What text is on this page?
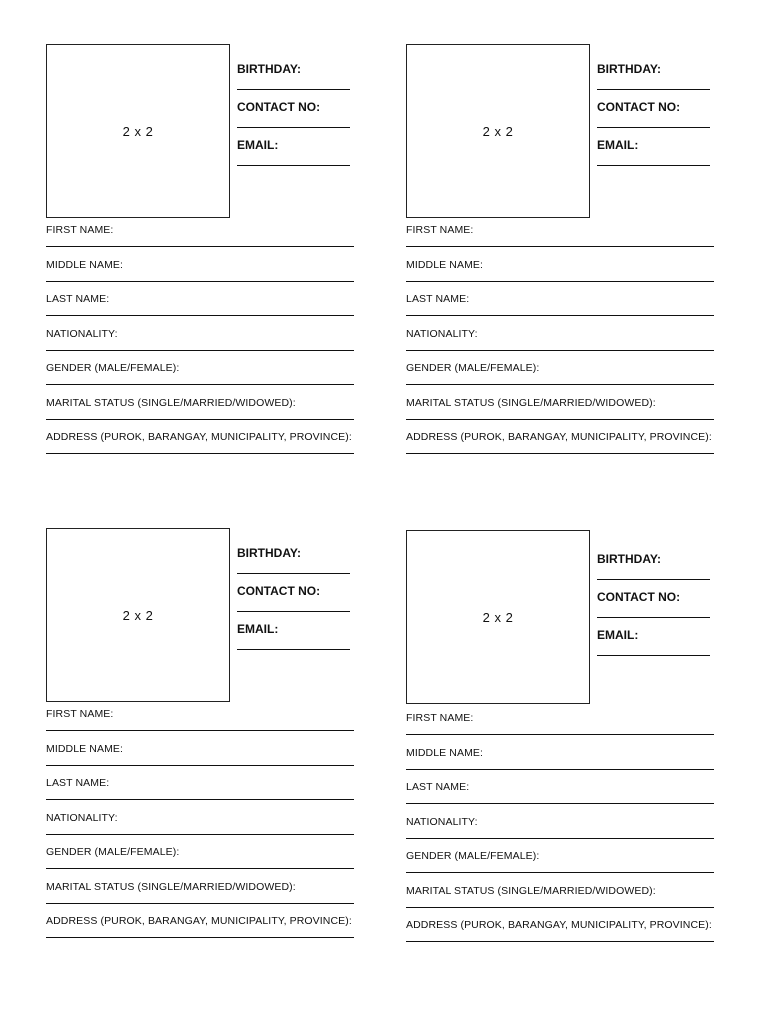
2 x 2
BIRTHDAY:
CONTACT NO:
EMAIL:
FIRST NAME:
MIDDLE NAME:
LAST NAME:
NATIONALITY:
GENDER (MALE/FEMALE):
MARITAL STATUS (SINGLE/MARRIED/WIDOWED):
ADDRESS (PUROK, BARANGAY, MUNICIPALITY, PROVINCE):
2 x 2
BIRTHDAY:
CONTACT NO:
EMAIL:
FIRST NAME:
MIDDLE NAME:
LAST NAME:
NATIONALITY:
GENDER (MALE/FEMALE):
MARITAL STATUS (SINGLE/MARRIED/WIDOWED):
ADDRESS (PUROK, BARANGAY, MUNICIPALITY, PROVINCE):
2 x 2
BIRTHDAY:
CONTACT NO:
EMAIL:
FIRST NAME:
MIDDLE NAME:
LAST NAME:
NATIONALITY:
GENDER (MALE/FEMALE):
MARITAL STATUS (SINGLE/MARRIED/WIDOWED):
ADDRESS (PUROK, BARANGAY, MUNICIPALITY, PROVINCE):
2 x 2
BIRTHDAY:
CONTACT NO:
EMAIL:
FIRST NAME:
MIDDLE NAME:
LAST NAME:
NATIONALITY:
GENDER (MALE/FEMALE):
MARITAL STATUS (SINGLE/MARRIED/WIDOWED):
ADDRESS (PUROK, BARANGAY, MUNICIPALITY, PROVINCE):
